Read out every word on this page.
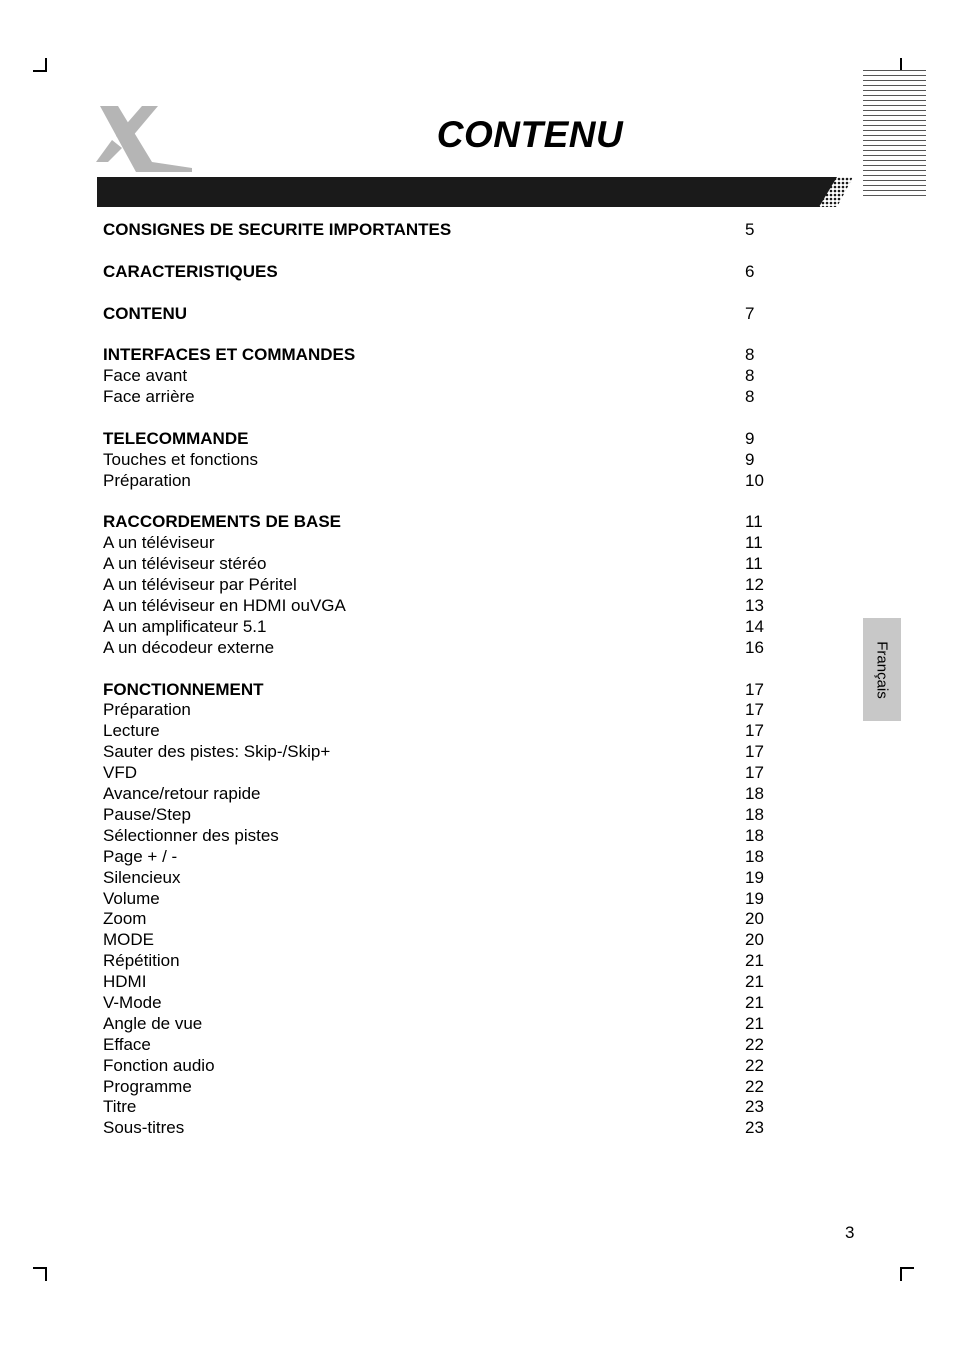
CONTENU
CONSIGNES DE SECURITE IMPORTANTES	5
CARACTERISTIQUES	6
CONTENU	7
INTERFACES ET COMMANDES	8
Face avant	8
Face arrière	8
TELECOMMANDE	9
Touches et fonctions	9
Préparation	10
RACCORDEMENTS DE BASE	11
A un téléviseur	11
A un téléviseur stéréo	11
A un téléviseur par Péritel	12
A un téléviseur en HDMI ouVGA	13
A un amplificateur 5.1	14
A un décodeur externe	16
FONCTIONNEMENT	17
Préparation	17
Lecture	17
Sauter des pistes: Skip-/Skip+	17
VFD	17
Avance/retour rapide	18
Pause/Step	18
Sélectionner des pistes	18
Page + / -	18
Silencieux	19
Volume	19
Zoom	20
MODE	20
Répétition	21
HDMI	21
V-Mode	21
Angle de vue	21
Efface	22
Fonction audio	22
Programme	22
Titre	23
Sous-titres	23
Français
3
